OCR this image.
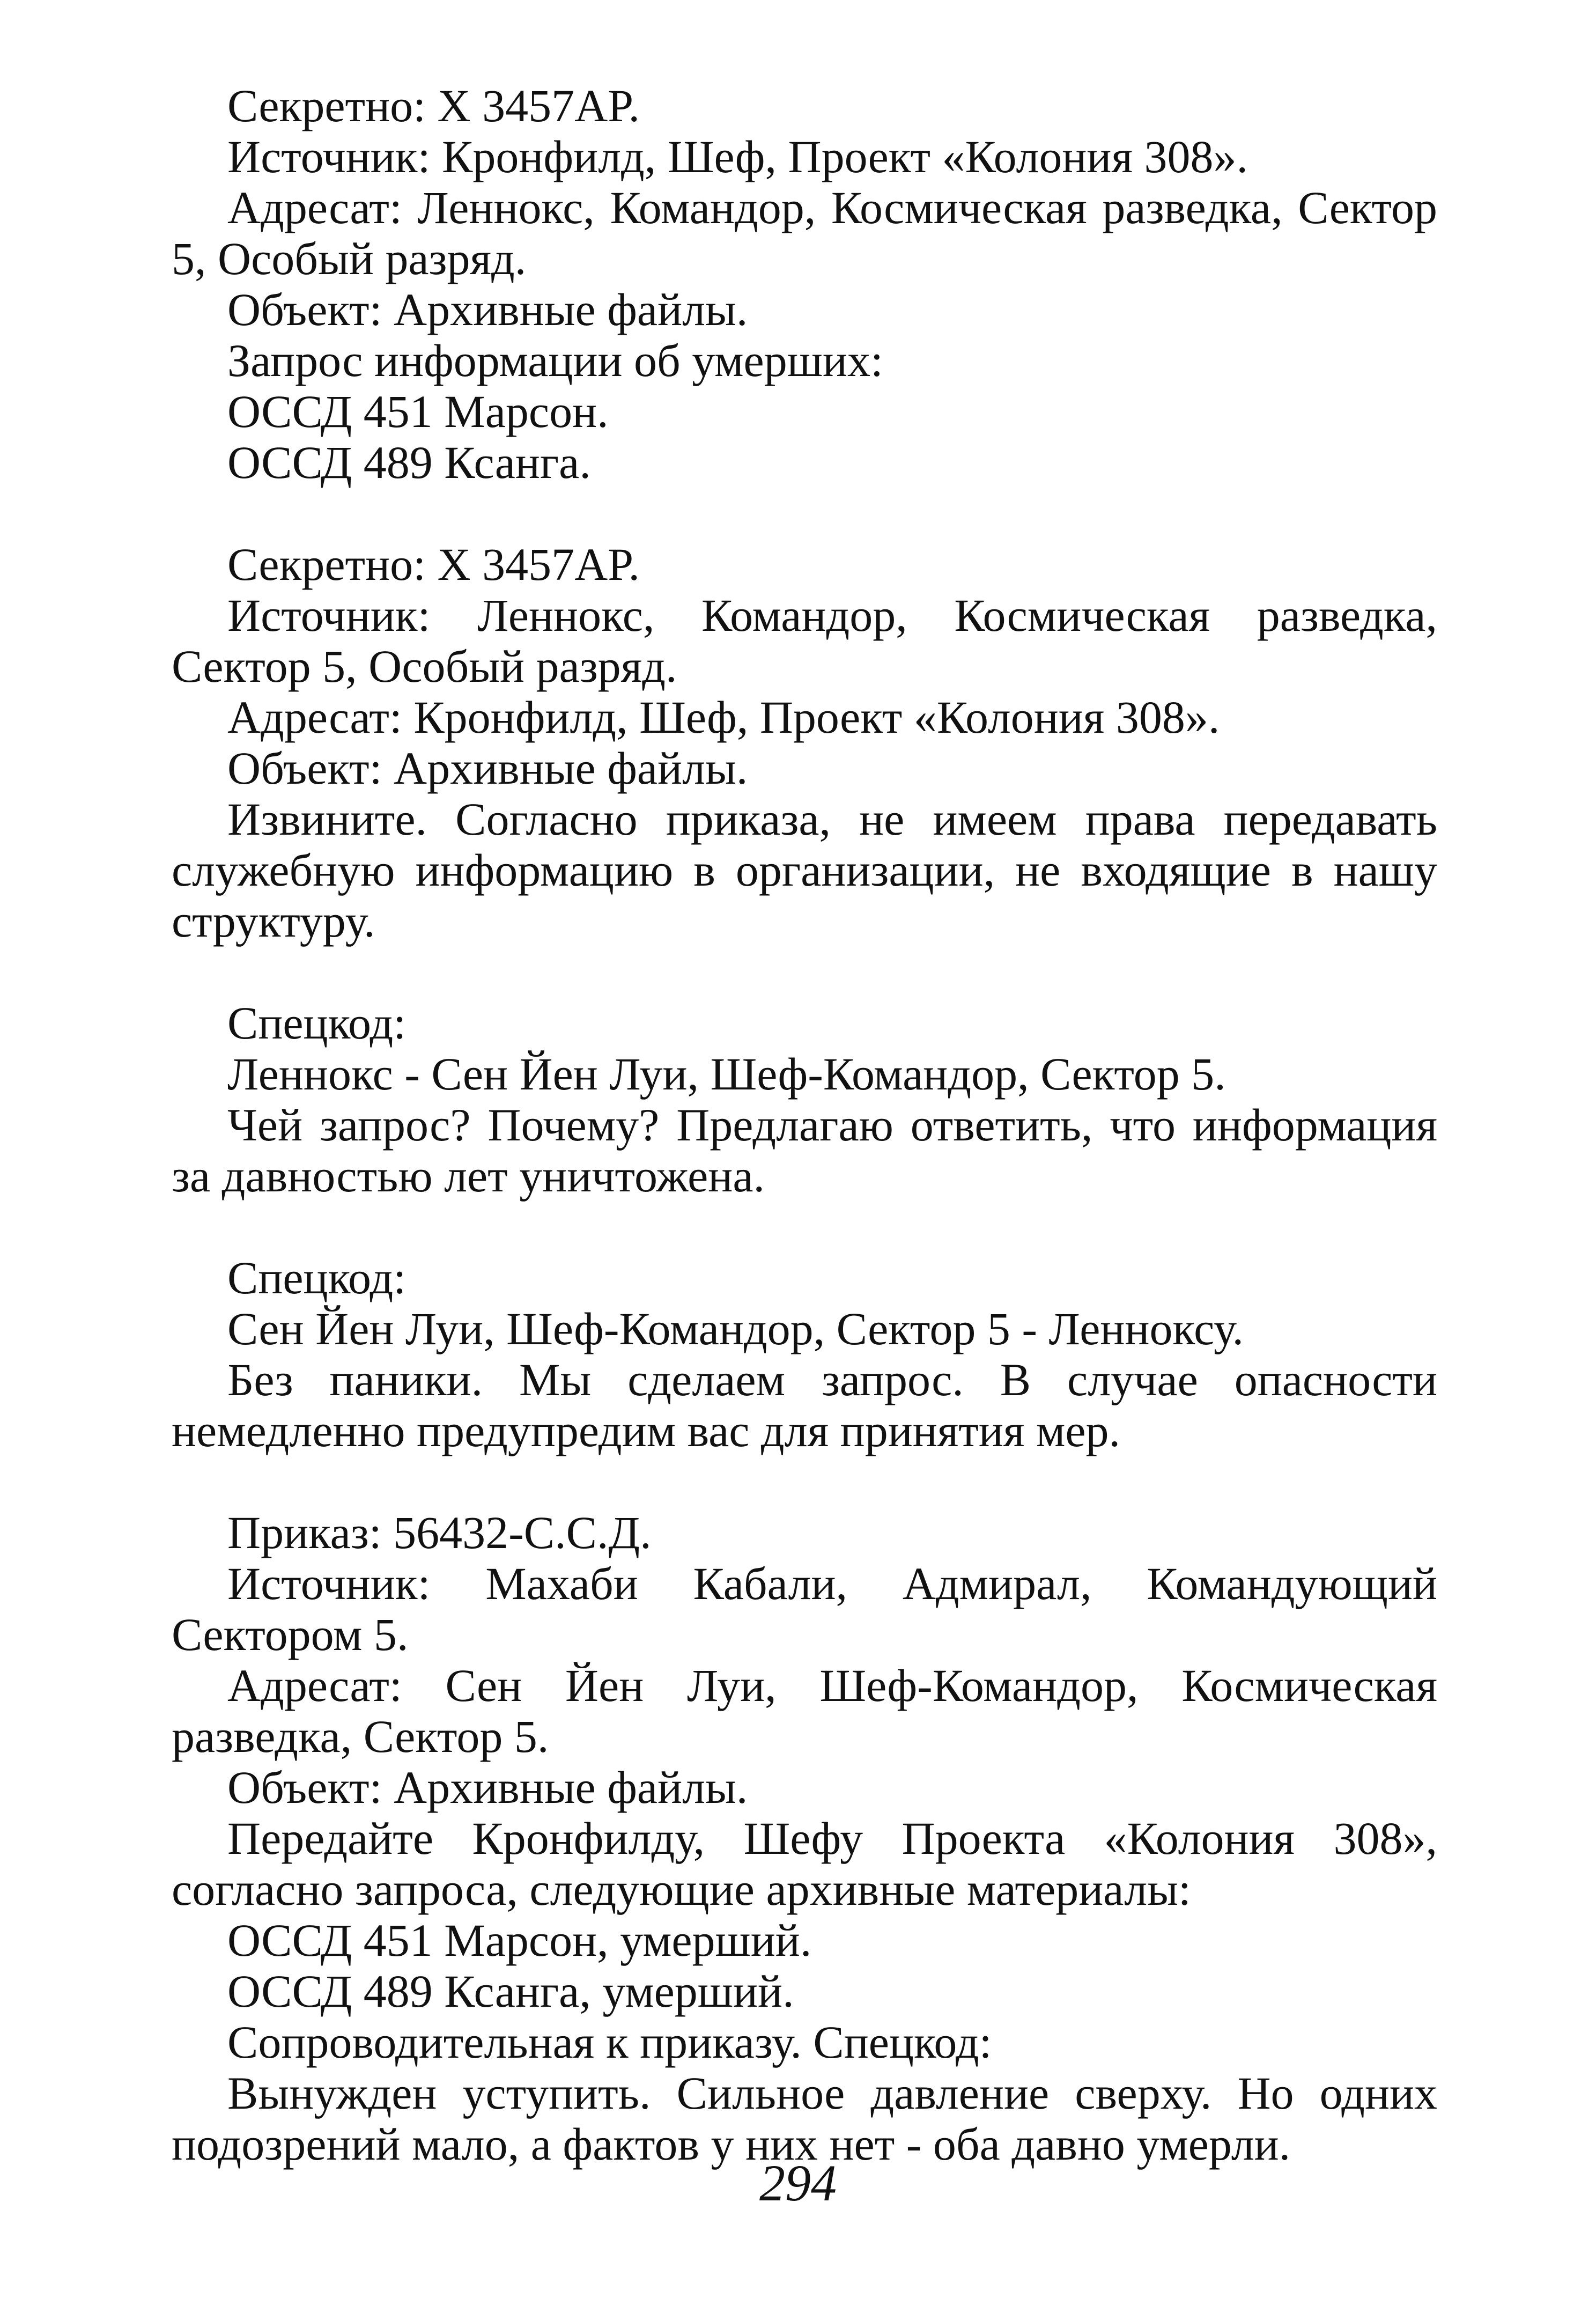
Секретно: X 3457AP.

Источник: Кронфилд, Шеф, Проект «Колония 308».

Адресат: Леннокс, Командор, Космическая разведка, Сектор 5, Особый разряд.

Объект: Архивные файлы.

Запрос информации об умерших:

ОССД 451 Марсон.

ОССД 489 Ксанга.

Секретно: X 3457AP.

Источник: Леннокс, Командор, Космическая разведка, Сектор 5, Особый разряд.

Адресат: Кронфилд, Шеф, Проект «Колония 308».

Объект: Архивные файлы.

Извините. Согласно приказа, не имеем права передавать служебную информацию в организации, не входящие в нашу структуру.

Спецкод:

Леннокс - Сен Йен Луи, Шеф-Командор, Сектор 5.

Чей запрос? Почему? Предлагаю ответить, что информация за давностью лет уничтожена.

Спецкод:

Сен Йен Луи, Шеф-Командор, Сектор 5 - Ленноксу.

Без паники. Мы сделаем запрос. В случае опасности немедленно предупредим вас для принятия мер.

Приказ: 56432-С.С.Д.

Источник: Махаби Кабали, Адмирал, Командующий Сектором 5.

Адресат: Сен Йен Луи, Шеф-Командор, Космическая разведка, Сектор 5.

Объект: Архивные файлы.

Передайте Кронфилду, Шефу Проекта «Колония 308», согласно запроса, следующие архивные материалы:

ОССД 451 Марсон, умерший.

ОССД 489 Ксанга, умерший.

Сопроводительная к приказу. Спецкод:

Вынужден уступить. Сильное давление сверху. Но одних подозрений мало, а фактов у них нет - оба давно умерли.

294
